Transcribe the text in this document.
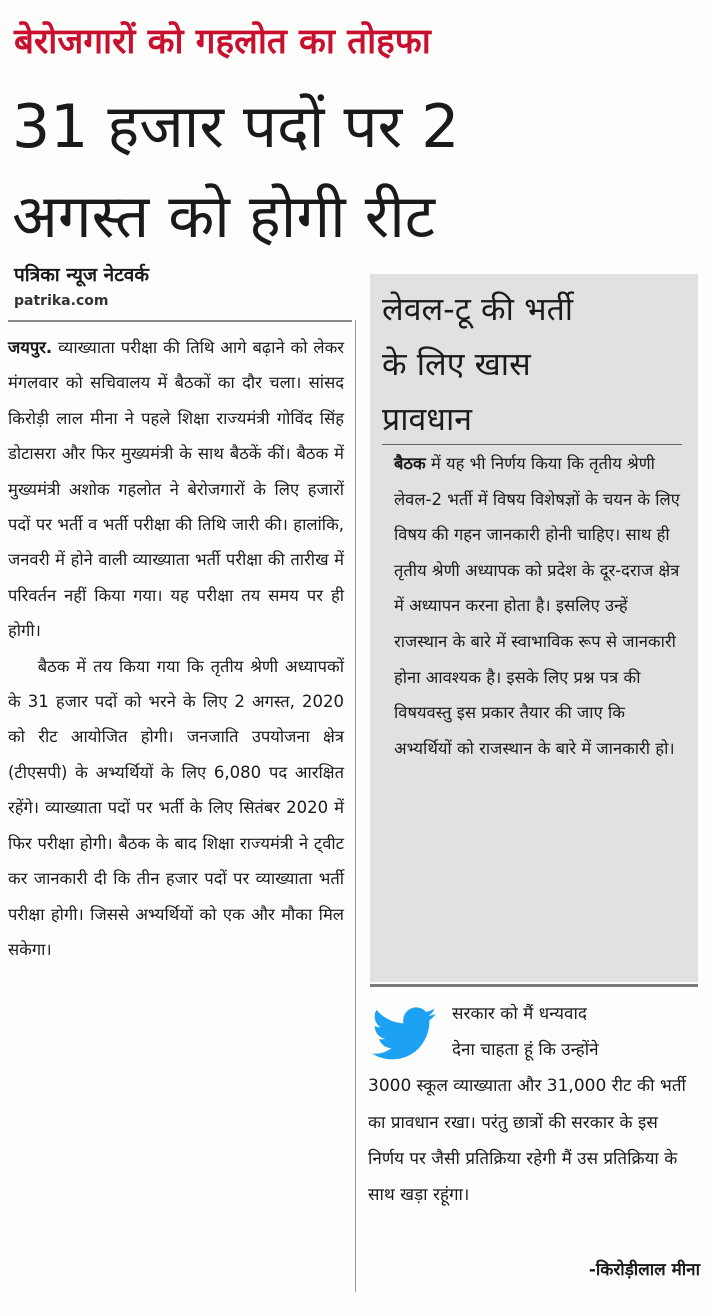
बेरोजगारों को गहलोत का तोहफा
31 हजार पदों पर 2
अगस्त को होगी रीट
पत्रिका न्यूज नेटवर्क
patrika.com

जयपुर. व्याख्याता परीक्षा की तिथि आगे बढ़ाने को लेकर मंगलवार को सचिवालय में बैठकों का दौर चला। सांसद किरोड़ी लाल मीना ने पहले शिक्षा राज्यमंत्री गोविंद सिंह डोटासरा और फिर मुख्यमंत्री के साथ बैठकें कीं। बैठक में मुख्यमंत्री अशोक गहलोत ने बेरोजगारों के लिए हजारों पदों पर भर्ती व भर्ती परीक्षा की तिथि जारी की। हालांकि, जनवरी में होने वाली व्याख्याता भर्ती परीक्षा की तारीख में परिवर्तन नहीं किया गया। यह परीक्षा तय समय पर ही होगी।

बैठक में तय किया गया कि तृतीय श्रेणी अध्यापकों के 31 हजार पदों को भरने के लिए 2 अगस्त, 2020 को रीट आयोजित होगी। जनजाति उपयोजना क्षेत्र (टीएसपी) के अभ्यर्थियों के लिए 6,080 पद आरक्षित रहेंगे। व्याख्याता पदों पर भर्ती के लिए सितंबर 2020 में फिर परीक्षा होगी। बैठक के बाद शिक्षा राज्यमंत्री ने ट्वीट कर जानकारी दी कि तीन हजार पदों पर व्याख्याता भर्ती परीक्षा होगी। जिससे अभ्यर्थियों को एक और मौका मिल सकेगा।

लेवल-टू की भर्ती
के लिए खास
प्रावधान

बैठक में यह भी निर्णय किया कि तृतीय श्रेणी लेवल-2 भर्ती में विषय विशेषज्ञों के चयन के लिए विषय की गहन जानकारी होनी चाहिए। साथ ही तृतीय श्रेणी अध्यापक को प्रदेश के दूर-दराज क्षेत्र में अध्यापन करना होता है। इसलिए उन्हें राजस्थान के बारे में स्वाभाविक रूप से जानकारी होना आवश्यक है। इसके लिए प्रश्न पत्र की विषयवस्तु इस प्रकार तैयार की जाए कि अभ्यर्थियों को राजस्थान के बारे में जानकारी हो।

सरकार को मैं धन्यवाद
देना चाहता हूं कि उन्होंने
3000 स्कूल व्याख्याता और 31,000 रीट की भर्ती का प्रावधान रखा। परंतु छात्रों की सरकार के इस निर्णय पर जैसी प्रतिक्रिया रहेगी मैं उस प्रतिक्रिया के साथ खड़ा रहूंगा।

-किरोड़ीलाल मीना
